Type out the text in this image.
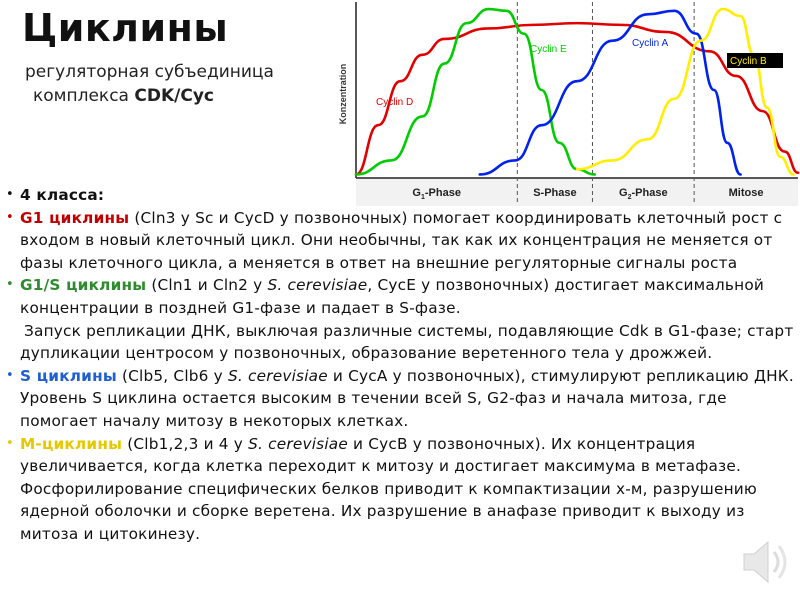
Циклины
регуляторная субъединица
комплекса CDK/Cyc	Konzentration
$G_1$-Phase	S-Phase	$G_2$-Phase	Mitose
Cyclin D
Cyclin E
Cyclin A
Cyclin B
• 4 класса:
• G1 циклины (Cln3 у Sc и CycD у позвоночных) помогает координировать клеточный рост с входом в новый клеточный цикл. Они необычны, так как их концентрация не меняется от фазы клеточного цикла, а меняется в ответ на внешние регуляторные сигналы роста
• G1/S циклины (Cln1 и Cln2 у S. cerevisiae, CycE у позвоночных) достигает максимальной концентрации в поздней G1-фазе и падает в S-фазе.
Запуск репликации ДНК, выключая различные системы, подавляющие Cdk в G1-фазе; старт дупликации центросом у позвоночных, образование веретенного тела у дрожжей.
• S циклины (Clb5, Clb6 у S. cerevisiae и CycA у позвоночных), стимулируют репликацию ДНК. Уровень S циклина остается высоким в течении всей S, G2-фаз и начала митоза, где помогает началу митозу в некоторых клетках.
• M-циклины (Clb1,2,3 и 4 у S. cerevisiae и CycB у позвоночных). Их концентрация увеличивается, когда клетка переходит к митозу и достигает максимума в метафазе. Фосфорилирование специфических белков приводит к компактизации х-м, разрушению ядерной оболочки и сборке веретена. Их разрушение в анафазе приводит к выходу из митоза и цитокинезу.
